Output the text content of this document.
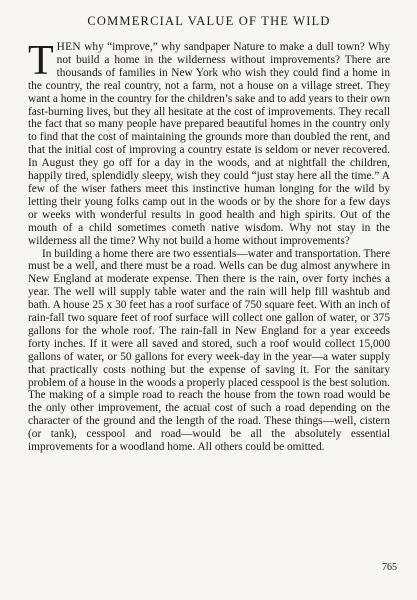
COMMERCIAL VALUE OF THE WILD
THEN why “improve,” why sandpaper Nature to make a dull town? Why not build a home in the wilderness without improvements? There are thousands of families in New York who wish they could find a home in the country, the real country, not a farm, not a house on a village street. They want a home in the country for the children’s sake and to add years to their own fast-burning lives, but they all hesitate at the cost of improvements. They recall the fact that so many people have prepared beautiful homes in the country only to find that the cost of maintaining the grounds more than doubled the rent, and that the initial cost of improving a country estate is seldom or never recovered. In August they go off for a day in the woods, and at nightfall the children, happily tired, splendidly sleepy, wish they could “just stay here all the time.” A few of the wiser fathers meet this instinctive human longing for the wild by letting their young folks camp out in the woods or by the shore for a few days or weeks with wonderful results in good health and high spirits. Out of the mouth of a child sometimes cometh native wisdom. Why not stay in the wilderness all the time? Why not build a home without improvements?
In building a home there are two essentials—water and transportation. There must be a well, and there must be a road. Wells can be dug almost anywhere in New England at moderate expense. Then there is the rain, over forty inches a year. The well will supply table water and the rain will help fill washtub and bath. A house 25 x 30 feet has a roof surface of 750 square feet. With an inch of rain-fall two square feet of roof surface will collect one gallon of water, or 375 gallons for the whole roof. The rain-fall in New England for a year exceeds forty inches. If it were all saved and stored, such a roof would collect 15,000 gallons of water, or 50 gallons for every week-day in the year—a water supply that practically costs nothing but the expense of saving it. For the sanitary problem of a house in the woods a properly placed cesspool is the best solution. The making of a simple road to reach the house from the town road would be the only other improvement, the actual cost of such a road depending on the character of the ground and the length of the road. These things—well, cistern (or tank), cesspool and road—would be all the absolutely essential improvements for a woodland home. All others could be omitted.
765
